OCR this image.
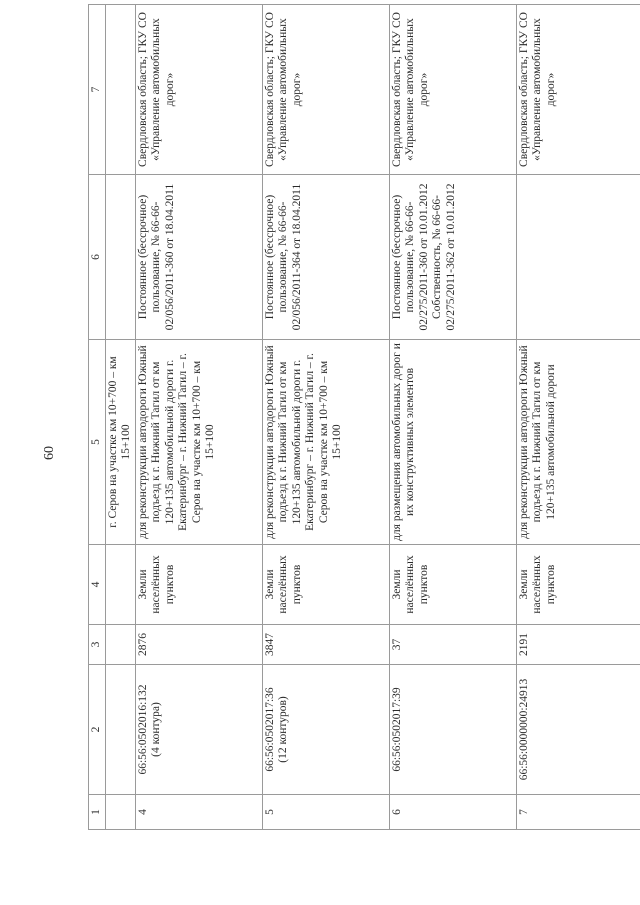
60
1	2	3	4	5	6	7
				г. Серов на участке км 10+700 – км 15+100		
4	66:56:0502016:132 (4 контура)	2876	Земли населённых пунктов	для реконструкции автодороги Южный подъезд к г. Нижний Тагил от км 120+135 автомобильной дороги г. Екатеринбург – г. Нижний Тагил – г. Серов на участке км 10+700 – км 15+100	Постоянное (бессрочное) пользование, № 66-66-02/056/2011-360 от 18.04.2011	Свердловская область; ГКУ СО «Управление автомобильных дорог»
5	66:56:0502017:36 (12 контуров)	3847	Земли населённых пунктов	для реконструкции автодороги Южный подъезд к г. Нижний Тагил от км 120+135 автомобильной дороги г. Екатеринбург – г. Нижний Тагил – г. Серов на участке км 10+700 – км 15+100	Постоянное (бессрочное) пользование, № 66-66-02/056/2011-364 от 18.04.2011	Свердловская область; ГКУ СО «Управление автомобильных дорог»
6	66:56:0502017:39	37	Земли населённых пунктов	для размещения автомобильных дорог и их конструктивных элементов	Постоянное (бессрочное) пользование, № 66-66-02/275/2011-360 от 10.01.2012 Собственность, № 66-66-02/275/2011-362 от 10.01.2012	Свердловская область; ГКУ СО «Управление автомобильных дорог»
7	66:56:0000000:24913	2191	Земли населённых пунктов	для реконструкции автодороги Южный подъезд к г. Нижний Тагил от км 120+135 автомобильной дороги		Свердловская область; ГКУ СО «Управление автомобильных дорог»
